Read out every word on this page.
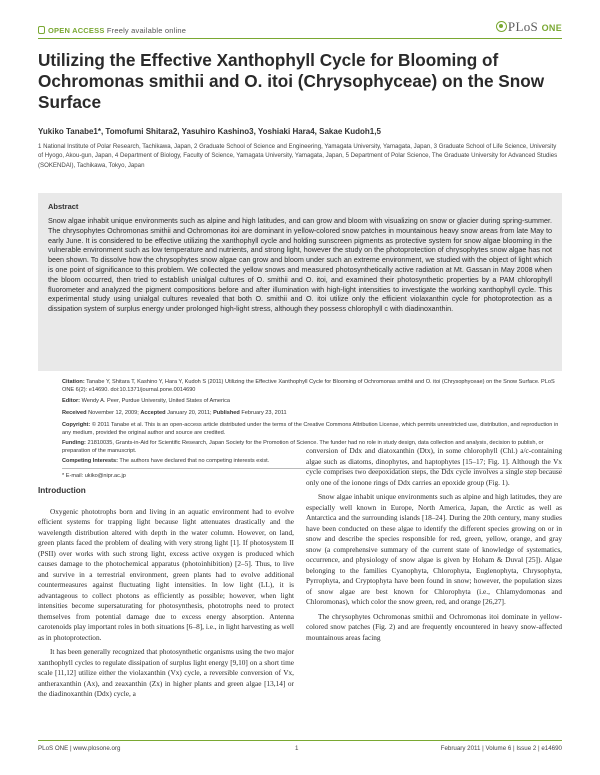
OPEN ACCESS Freely available online	PLoS ONE
Utilizing the Effective Xanthophyll Cycle for Blooming of Ochromonas smithii and O. itoi (Chrysophyceae) on the Snow Surface
Yukiko Tanabe1*, Tomofumi Shitara2, Yasuhiro Kashino3, Yoshiaki Hara4, Sakae Kudoh1,5
1 National Institute of Polar Research, Tachikawa, Japan, 2 Graduate School of Science and Engineering, Yamagata University, Yamagata, Japan, 3 Graduate School of Life Science, University of Hyogo, Akou-gun, Japan, 4 Department of Biology, Faculty of Science, Yamagata University, Yamagata, Japan, 5 Department of Polar Science, The Graduate University for Advanced Studies (SOKENDAI), Tachikawa, Tokyo, Japan
Abstract

Snow algae inhabit unique environments such as alpine and high latitudes, and can grow and bloom with visualizing on snow or glacier during spring-summer. The chrysophytes Ochromonas smithii and Ochromonas itoi are dominant in yellow-colored snow patches in mountainous heavy snow areas from late May to early June. It is considered to be effective utilizing the xanthophyll cycle and holding sunscreen pigments as protective system for snow algae blooming in the vulnerable environment such as low temperature and nutrients, and strong light, however the study on the photoprotection of chrysophytes snow algae has not been shown. To dissolve how the chrysophytes snow algae can grow and bloom under such an extreme environment, we studied with the object of light which is one point of significance to this problem. We collected the yellow snows and measured photosynthetically active radiation at Mt. Gassan in May 2008 when the bloom occurred, then tried to establish unialgal cultures of O. smithii and O. itoi, and examined their photosynthetic properties by a PAM chlorophyll fluorometer and analyzed the pigment compositions before and after illumination with high-light intensities to investigate the working xanthophyll cycle. This experimental study using unialgal cultures revealed that both O. smithii and O. itoi utilize only the efficient violaxanthin cycle for photoprotection as a dissipation system of surplus energy under prolonged high-light stress, although they possess chlorophyll c with diadinoxanthin.

Citation: Tanabe Y, Shitara T, Kashino Y, Hara Y, Kudoh S (2011) Utilizing the Effective Xanthophyll Cycle for Blooming of Ochromonas smithii and O. itoi (Chrysophyceae) on the Snow Surface. PLoS ONE 6(2): e14690. doi:10.1371/journal.pone.0014690
Editor: Wendy A. Peer, Purdue University, United States of America
Received November 12, 2009; Accepted January 20, 2011; Published February 23, 2011
Copyright: © 2011 Tanabe et al. This is an open-access article distributed under the terms of the Creative Commons Attribution License, which permits unrestricted use, distribution, and reproduction in any medium, provided the original author and source are credited.
Funding: 21810035, Grants-in-Aid for Scientific Research, Japan Society for the Promotion of Science. The funder had no role in study design, data collection and analysis, decision to publish, or preparation of the manuscript.
Competing Interests: The authors have declared that no competing interests exist.
* E-mail: ukiko@nipr.ac.jp
Introduction

Oxygenic phototrophs born and living in an aquatic environment had to evolve efficient systems for trapping light because light attenuates drastically and the wavelength distribution altered with depth in the water column. However, on land, green plants faced the problem of dealing with very strong light [1]. If photosystem II (PSII) over works with such strong light, excess active oxygen is produced which causes damage to the photochemical apparatus (photoinhibition) [2–5]. Thus, to live and survive in a terrestrial environment, green plants had to evolve additional countermeasures against fluctuating light intensities. In low light (LL), it is advantageous to collect photons as efficiently as possible; however, when light intensities become supersaturating for photosynthesis, phototrophs need to protect themselves from potential damage due to excess energy absorption. Antenna carotenoids play important roles in both situations [6–8], i.e., in light harvesting as well as in photoprotection.

It has been generally recognized that photosynthetic organisms using the two major xanthophyll cycles to regulate dissipation of surplus light energy [9,10] on a short time scale [11,12] utilize either the violaxanthin (Vx) cycle, a reversible conversion of Vx, antheraxanthin (Ax), and zeaxanthin (Zx) in higher plants and green algae [13,14] or the diadinoxanthin (Ddx) cycle, a

conversion of Ddx and diatoxanthin (Dtx), in some chlorophyll (Chl.) a/c-containing algae such as diatoms, dinophytes, and haptophytes [15–17; Fig. 1]. Although the Vx cycle comprises two deepoxidation steps, the Ddx cycle involves a single step because only one of the ionone rings of Ddx carries an epoxide group (Fig. 1).

Snow algae inhabit unique environments such as alpine and high latitudes, they are especially well known in Europe, North America, Japan, the Arctic as well as Antarctica and the surrounding islands [18–24]. During the 20th century, many studies have been conducted on these algae to identify the different species growing on or in snow and describe the species responsible for red, green, yellow, orange, and gray snow (a comprehensive summary of the current state of knowledge of systematics, occurrence, and physiology of snow algae is given by Hoham & Duval [25]). Algae belonging to the families Cyanophyta, Chlorophyta, Euglenophyta, Chrysophyta, Pyrrophyta, and Cryptophyta have been found in snow; however, the population sizes of snow algae are best known for Chlorophyta (i.e., Chlamydomonas and Chloromonas), which color the snow green, red, and orange [26,27].

The chrysophytes Ochromonas smithii and Ochromonas itoi dominate in yellow-colored snow patches (Fig. 2) and are frequently encountered in heavy snow-affected mountainous areas facing

PLoS ONE | www.plosone.org	1	February 2011 | Volume 6 | Issue 2 | e14690
